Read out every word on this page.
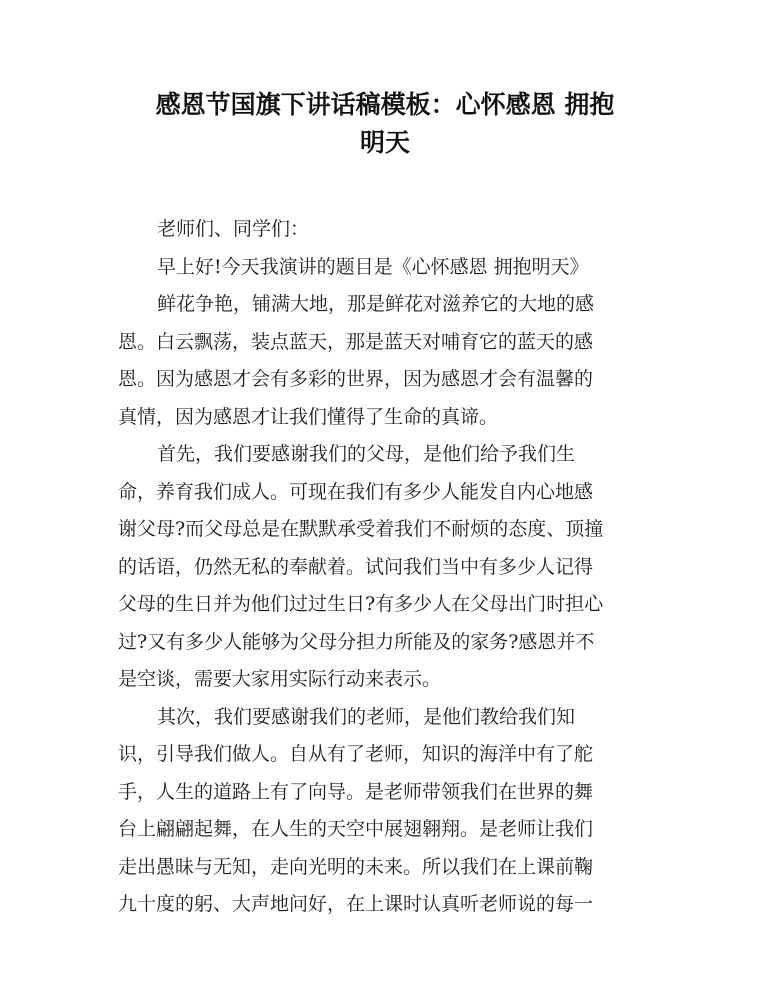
感恩节国旗下讲话稿模板：心怀感恩 拥抱
明天
老师们、同学们：
早上好!今天我演讲的题目是《心怀感恩 拥抱明天》
鲜花争艳，铺满大地，那是鲜花对滋养它的大地的感
恩。白云飘荡，装点蓝天，那是蓝天对哺育它的蓝天的感
恩。因为感恩才会有多彩的世界，因为感恩才会有温馨的
真情，因为感恩才让我们懂得了生命的真谛。
首先，我们要感谢我们的父母，是他们给予我们生
命，养育我们成人。可现在我们有多少人能发自内心地感
谢父母?而父母总是在默默承受着我们不耐烦的态度、顶撞
的话语，仍然无私的奉献着。试问我们当中有多少人记得
父母的生日并为他们过过生日?有多少人在父母出门时担心
过?又有多少人能够为父母分担力所能及的家务?感恩并不
是空谈，需要大家用实际行动来表示。
其次，我们要感谢我们的老师，是他们教给我们知
识，引导我们做人。自从有了老师，知识的海洋中有了舵
手，人生的道路上有了向导。是老师带领我们在世界的舞
台上翩翩起舞，在人生的天空中展翅翱翔。是老师让我们
走出愚昧与无知，走向光明的未来。所以我们在上课前鞠
九十度的躬、大声地问好，在上课时认真听老师说的每一
